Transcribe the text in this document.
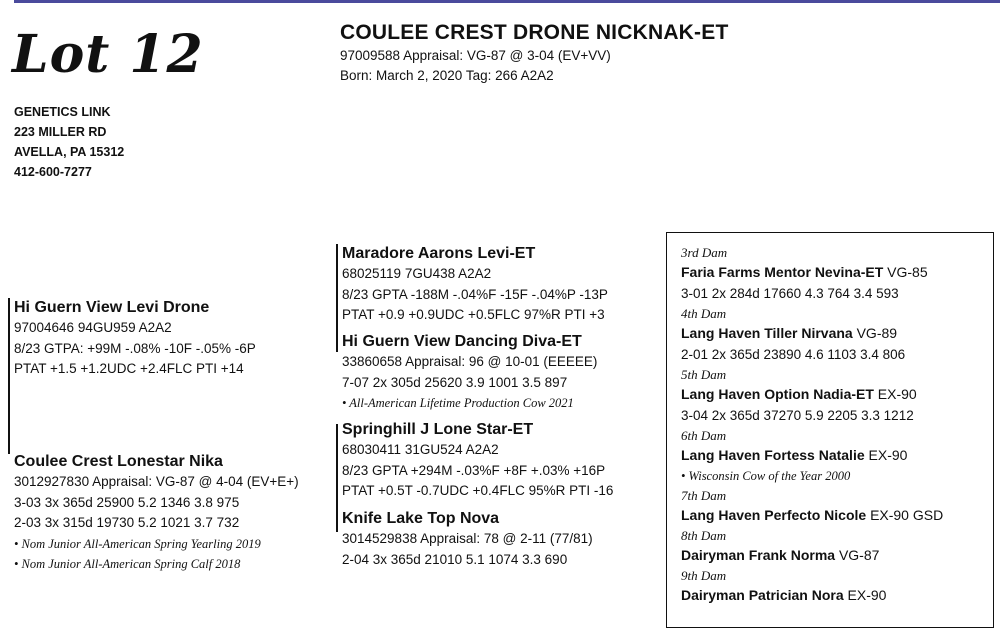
Lot 12
GENETICS LINK
223 MILLER RD
AVELLA, PA 15312
412-600-7277
COULEE CREST DRONE NICKNAK-ET
97009588 Appraisal: VG-87 @ 3-04 (EV+VV)
Born: March 2, 2020 Tag: 266 A2A2
Hi Guern View Levi Drone
97004646 94GU959 A2A2
8/23 GTPA: +99M -.08% -10F -.05% -6P
PTAT +1.5 +1.2UDC +2.4FLC PTI +14
Coulee Crest Lonestar Nika
3012927830 Appraisal: VG-87 @ 4-04 (EV+E+)
3-03 3x 365d 25900 5.2 1346 3.8 975
2-03 3x 315d 19730 5.2 1021 3.7 732
• Nom Junior All-American Spring Yearling 2019
• Nom Junior All-American Spring Calf 2018
Maradore Aarons Levi-ET
68025119 7GU438 A2A2
8/23 GPTA -188M -.04%F -15F -.04%P -13P
PTAT +0.9 +0.9UDC +0.5FLC 97%R PTI +3
Hi Guern View Dancing Diva-ET
33860658 Appraisal: 96 @ 10-01 (EEEEE)
7-07 2x 305d 25620 3.9 1001 3.5 897
• All-American Lifetime Production Cow 2021
Springhill J Lone Star-ET
68030411 31GU524 A2A2
8/23 GPTA +294M -.03%F +8F +.03% +16P
PTAT +0.5T -0.7UDC +0.4FLC 95%R PTI -16
Knife Lake Top Nova
3014529838 Appraisal: 78 @ 2-11 (77/81)
2-04 3x 365d 21010 5.1 1074 3.3 690
3rd Dam
Faria Farms Mentor Nevina-ET VG-85
3-01 2x 284d 17660 4.3 764 3.4 593
4th Dam
Lang Haven Tiller Nirvana VG-89
2-01 2x 365d 23890 4.6 1103 3.4 806
5th Dam
Lang Haven Option Nadia-ET EX-90
3-04 2x 365d 37270 5.9 2205 3.3 1212
6th Dam
Lang Haven Fortess Natalie EX-90
• Wisconsin Cow of the Year 2000
7th Dam
Lang Haven Perfecto Nicole EX-90 GSD
8th Dam
Dairyman Frank Norma VG-87
9th Dam
Dairyman Patrician Nora EX-90
